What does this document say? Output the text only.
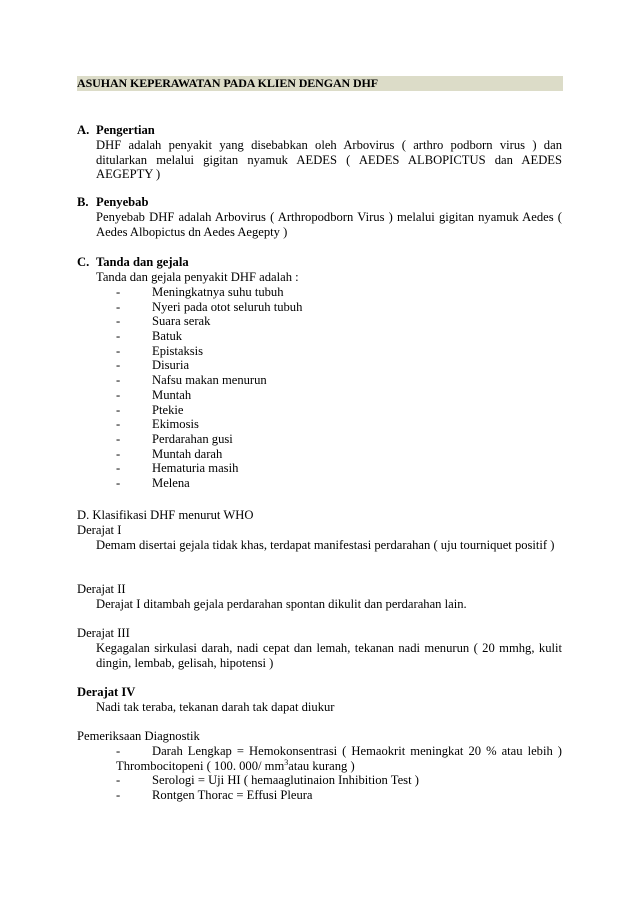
ASUHAN KEPERAWATAN PADA KLIEN DENGAN DHF
A. Pengertian
DHF adalah penyakit yang disebabkan oleh Arbovirus ( arthro podborn virus ) dan ditularkan melalui gigitan nyamuk AEDES ( AEDES ALBOPICTUS dan AEDES AEGEPTY )
B. Penyebab
Penyebab DHF adalah Arbovirus ( Arthropodborn Virus ) melalui gigitan nyamuk Aedes ( Aedes Albopictus dn Aedes Aegepty )
C. Tanda dan gejala
Tanda dan gejala penyakit DHF adalah :
-	Meningkatnya suhu tubuh
-	Nyeri pada otot seluruh tubuh
-	Suara serak
-	Batuk
-	Epistaksis
-	Disuria
-	Nafsu makan menurun
-	Muntah
-	Ptekie
-	Ekimosis
-	Perdarahan gusi
-	Muntah darah
-	Hematuria masih
-	Melena
D. Klasifikasi DHF menurut WHO
Derajat I
Demam disertai gejala tidak khas, terdapat manifestasi perdarahan ( uju tourniquet positif )
Derajat II
Derajat I ditambah gejala perdarahan spontan dikulit dan perdarahan lain.
Derajat III
Kegagalan sirkulasi darah, nadi cepat dan lemah, tekanan nadi menurun ( 20 mmhg, kulit dingin, lembab, gelisah, hipotensi )
Derajat IV
Nadi tak teraba, tekanan darah tak dapat diukur
Pemeriksaan Diagnostik
-	Darah Lengkap = Hemokonsentrasi ( Hemaokrit meningkat 20 % atau lebih ) Thrombocitopeni ( 100. 000/ $mm^3atau$ kurang )
-	Serologi = Uji HI ( hemaaglutinaion Inhibition Test )
-	Rontgen Thorac = Effusi Pleura
